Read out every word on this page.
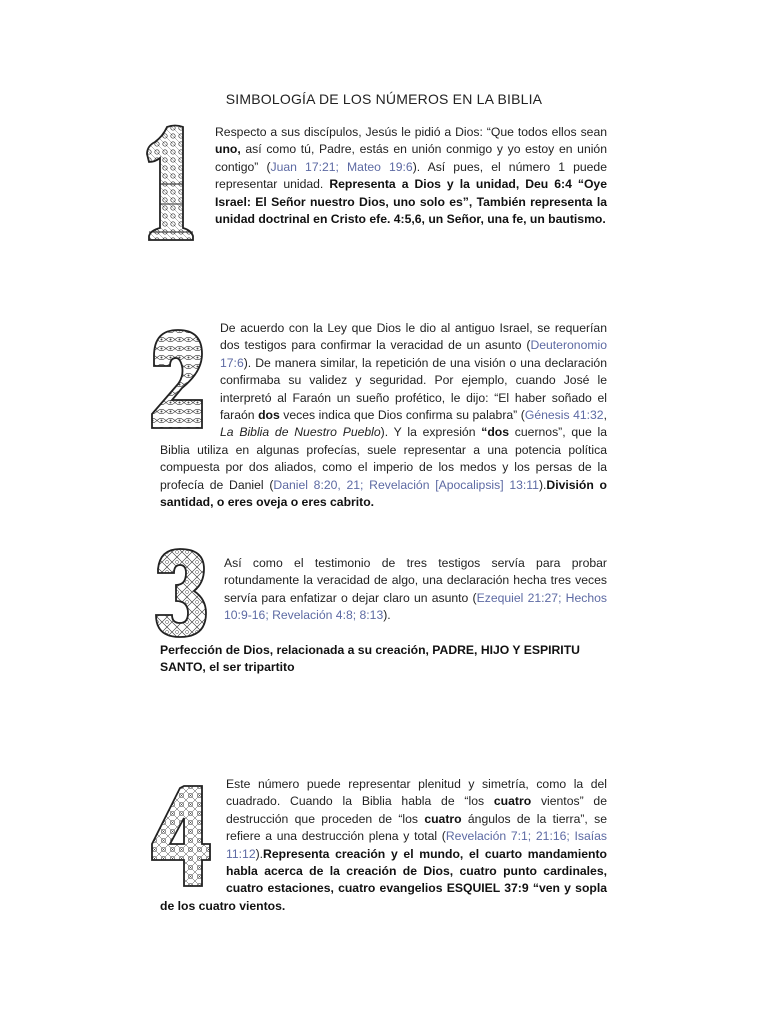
SIMBOLOGÍA DE LOS NÚMEROS EN LA BIBLIA

Respecto a sus discípulos, Jesús le pidió a Dios: “Que todos ellos sean uno, así como tú, Padre, estás en unión conmigo y yo estoy en unión contigo” (Juan 17:21; Mateo 19:6). Así pues, el número 1 puede representar unidad. Representa a Dios y la unidad, Deu 6:4 “Oye Israel: El Señor nuestro Dios, uno solo es”, También representa la unidad doctrinal en Cristo efe. 4:5,6, un Señor, una fe, un bautismo.

De acuerdo con la Ley que Dios le dio al antiguo Israel, se requerían dos testigos para confirmar la veracidad de un asunto (Deuteronomio 17:6). De manera similar, la repetición de una visión o una declaración confirmaba su validez y seguridad. Por ejemplo, cuando José le interpretó al Faraón un sueño profético, le dijo: “El haber soñado el faraón dos veces indica que Dios confirma su palabra” (Génesis 41:32, La Biblia de Nuestro Pueblo). Y la expresión “dos cuernos”, que la Biblia utiliza en algunas profecías, suele representar a una potencia política compuesta por dos aliados, como el imperio de los medos y los persas de la profecía de Daniel (Daniel 8:20, 21; Revelación [Apocalipsis] 13:11).División o santidad, o eres oveja o eres cabrito.

Así como el testimonio de tres testigos servía para probar rotundamente la veracidad de algo, una declaración hecha tres veces servía para enfatizar o dejar claro un asunto (Ezequiel 21:27; Hechos 10:9-16; Revelación 4:8; 8:13).

Perfección de Dios, relacionada a su creación, PADRE, HIJO Y ESPIRITU SANTO, el ser tripartito

Este número puede representar plenitud y simetría, como la del cuadrado. Cuando la Biblia habla de “los cuatro vientos” de destrucción que proceden de “los cuatro ángulos de la tierra”, se refiere a una destrucción plena y total (Revelación 7:1; 21:16; Isaías 11:12).Representa creación y el mundo, el cuarto mandamiento habla acerca de la creación de Dios, cuatro punto cardinales, cuatro estaciones, cuatro evangelios ESQUIEL 37:9 “ven y sopla de los cuatro vientos.
